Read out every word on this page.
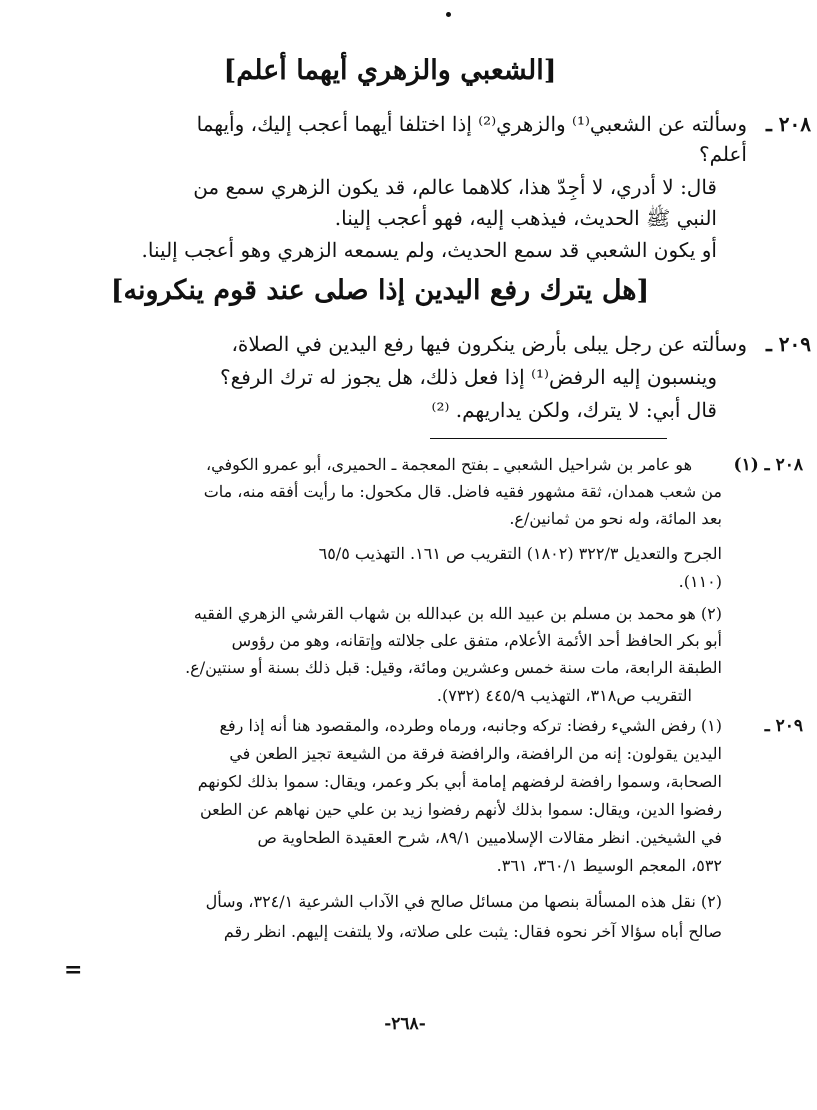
[الشعبي والزهري أيهما أعلم]
٢٠٨ ـ
وسألته عن الشعبي⁽¹⁾ والزهري⁽²⁾ إذا اختلفا أيهما أعجب إليك، وأيهما
أعلم؟
قال: لا أدري، لا أجِدّ هذا، كلاهما عالم، قد يكون الزهري سمع من
النبي ﷺ الحديث، فيذهب إليه، فهو أعجب إلينا.
أو يكون الشعبي قد سمع الحديث، ولم يسمعه الزهري وهو أعجب إلينا.
[هل يترك رفع اليدين إذا صلى عند قوم ينكرونه]
٢٠٩ ـ
وسألته عن رجل يبلى بأرض ينكرون فيها رفع اليدين في الصلاة،
وينسبون إليه الرفض⁽¹⁾ إذا فعل ذلك، هل يجوز له ترك الرفع؟
قال أبي: لا يترك، ولكن يداريهم. ⁽²⁾
٢٠٨ ـ (١)
هو عامر بن شراحيل الشعبي ـ بفتح المعجمة ـ الحميرى، أبو عمرو الكوفي،
من شعب همدان، ثقة مشهور فقيه فاضل. قال مكحول: ما رأيت أفقه منه، مات
بعد المائة، وله نحو من ثمانين/ع.
الجرح والتعديل ٣٢٢/٣ (١٨٠٢) التقريب ص ١٦١. التهذيب ٦٥/٥
(١١٠).
(٢) هو محمد بن مسلم بن عبيد الله بن عبدالله بن شهاب القرشي الزهري الفقيه
أبو بكر الحافظ أحد الأئمة الأعلام، متفق على جلالته وإتقانه، وهو من رؤوس
الطبقة الرابعة، مات سنة خمس وعشرين ومائة، وقيل: قبل ذلك بسنة أو سنتين/ع.
التقريب ص٣١٨، التهذيب ٤٤٥/٩ (٧٣٢).
٢٠٩ ـ
(١) رفض الشيء رفضا: تركه وجانبه، ورماه وطرده، والمقصود هنا أنه إذا رفع
اليدين يقولون: إنه من الرافضة، والرافضة فرقة من الشيعة تجيز الطعن في
الصحابة، وسموا رافضة لرفضهم إمامة أبي بكر وعمر، ويقال: سموا بذلك لكونهم
رفضوا الدين، ويقال: سموا بذلك لأنهم رفضوا زيد بن علي حين نهاهم عن الطعن
في الشيخين. انظر مقالات الإسلاميين ٨٩/١، شرح العقيدة الطحاوية ص
٥٣٢، المعجم الوسيط ٣٦٠/١، ٣٦١.
(٢) نقل هذه المسألة بنصها من مسائل صالح في الآداب الشرعية ٣٢٤/١، وسأل
صالح أباه سؤالا آخر نحوه فقال: يثبت على صلاته، ولا يلتفت إليهم. انظر رقم
=
-٢٦٨-
